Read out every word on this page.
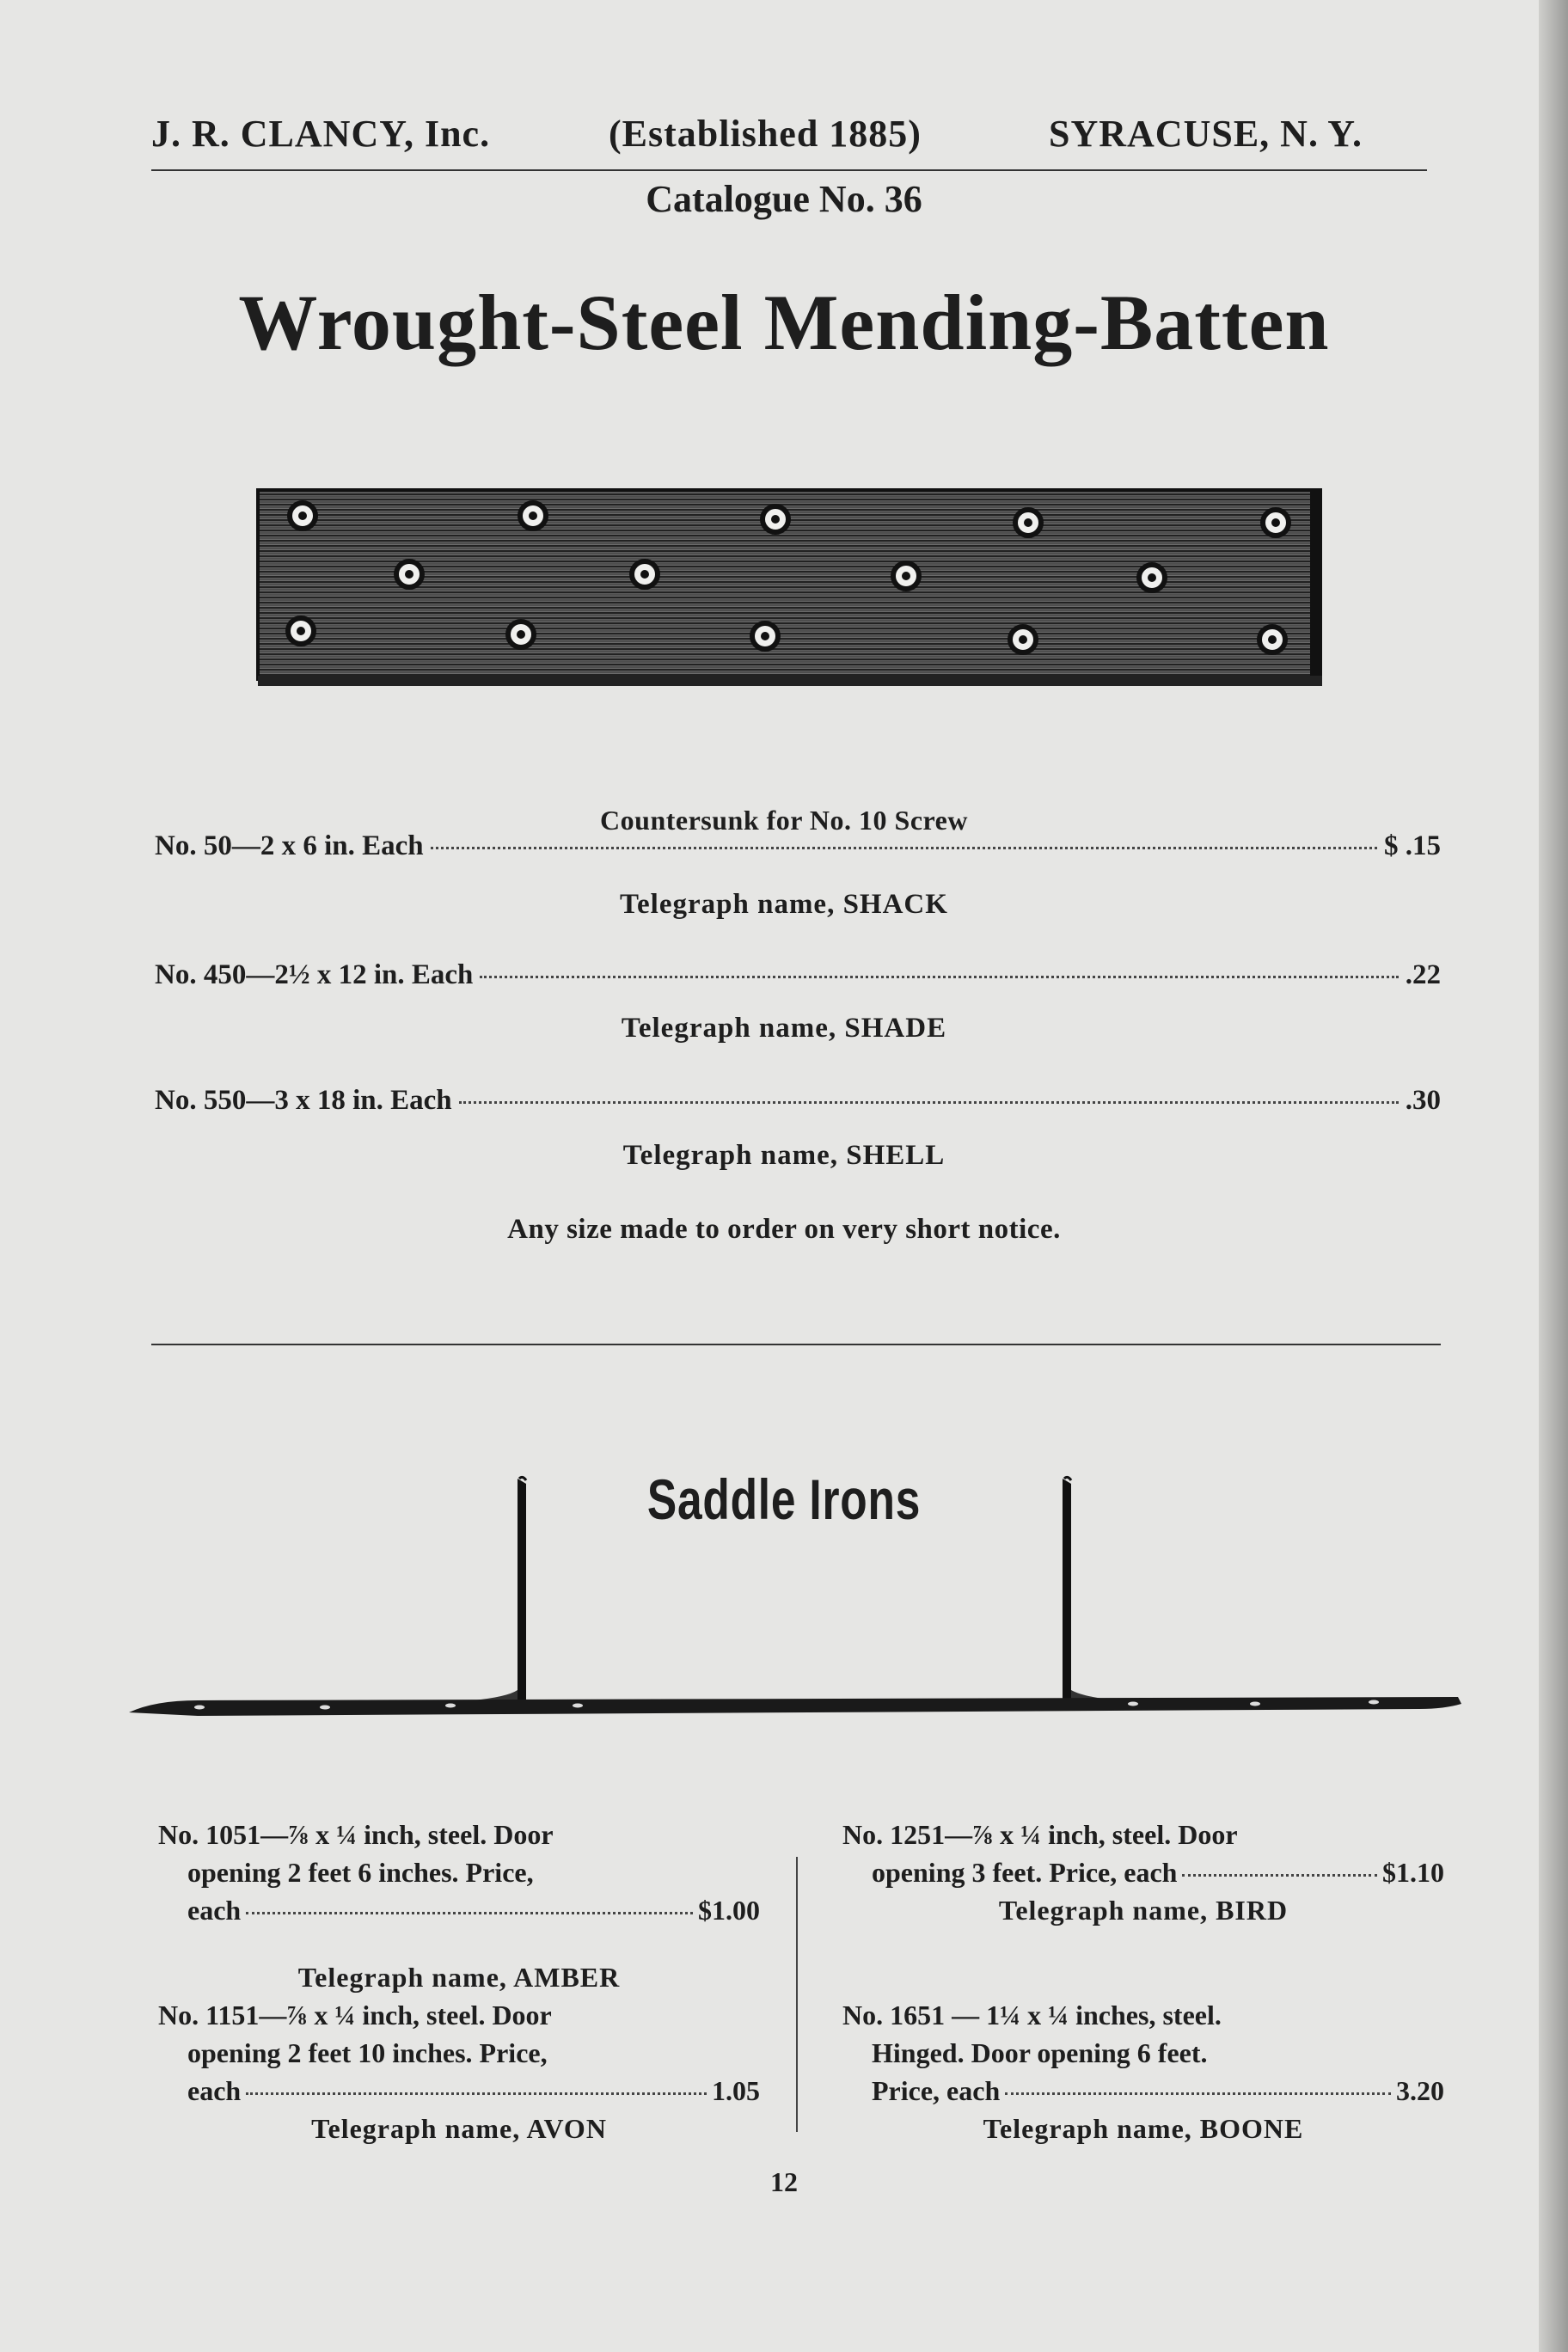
J. R. CLANCY, Inc.	(Established 1885)	SYRACUSE, N. Y.
Catalogue No. 36
Wrought-Steel Mending-Batten
Countersunk for No. 10 Screw
No. 50—2 x 6 in. Each	$ .15
Telegraph name, SHACK
No. 450—2½ x 12 in. Each	.22
Telegraph name, SHADE
No. 550—3 x 18 in. Each	.30
Telegraph name, SHELL
Any size made to order on very short notice.
Saddle Irons
No. 1051—⅞ x ¼ inch, steel. Door
opening 2 feet 6 inches. Price,
each	$1.00
Telegraph name, AMBER
No. 1151—⅞ x ¼ inch, steel. Door
opening 2 feet 10 inches. Price,
each	1.05
Telegraph name, AVON
No. 1251—⅞ x ¼ inch, steel. Door
opening 3 feet. Price, each	$1.10
Telegraph name, BIRD
No. 1651 — 1¼ x ¼ inches, steel.
Hinged. Door opening 6 feet.
Price, each	3.20
Telegraph name, BOONE
12
